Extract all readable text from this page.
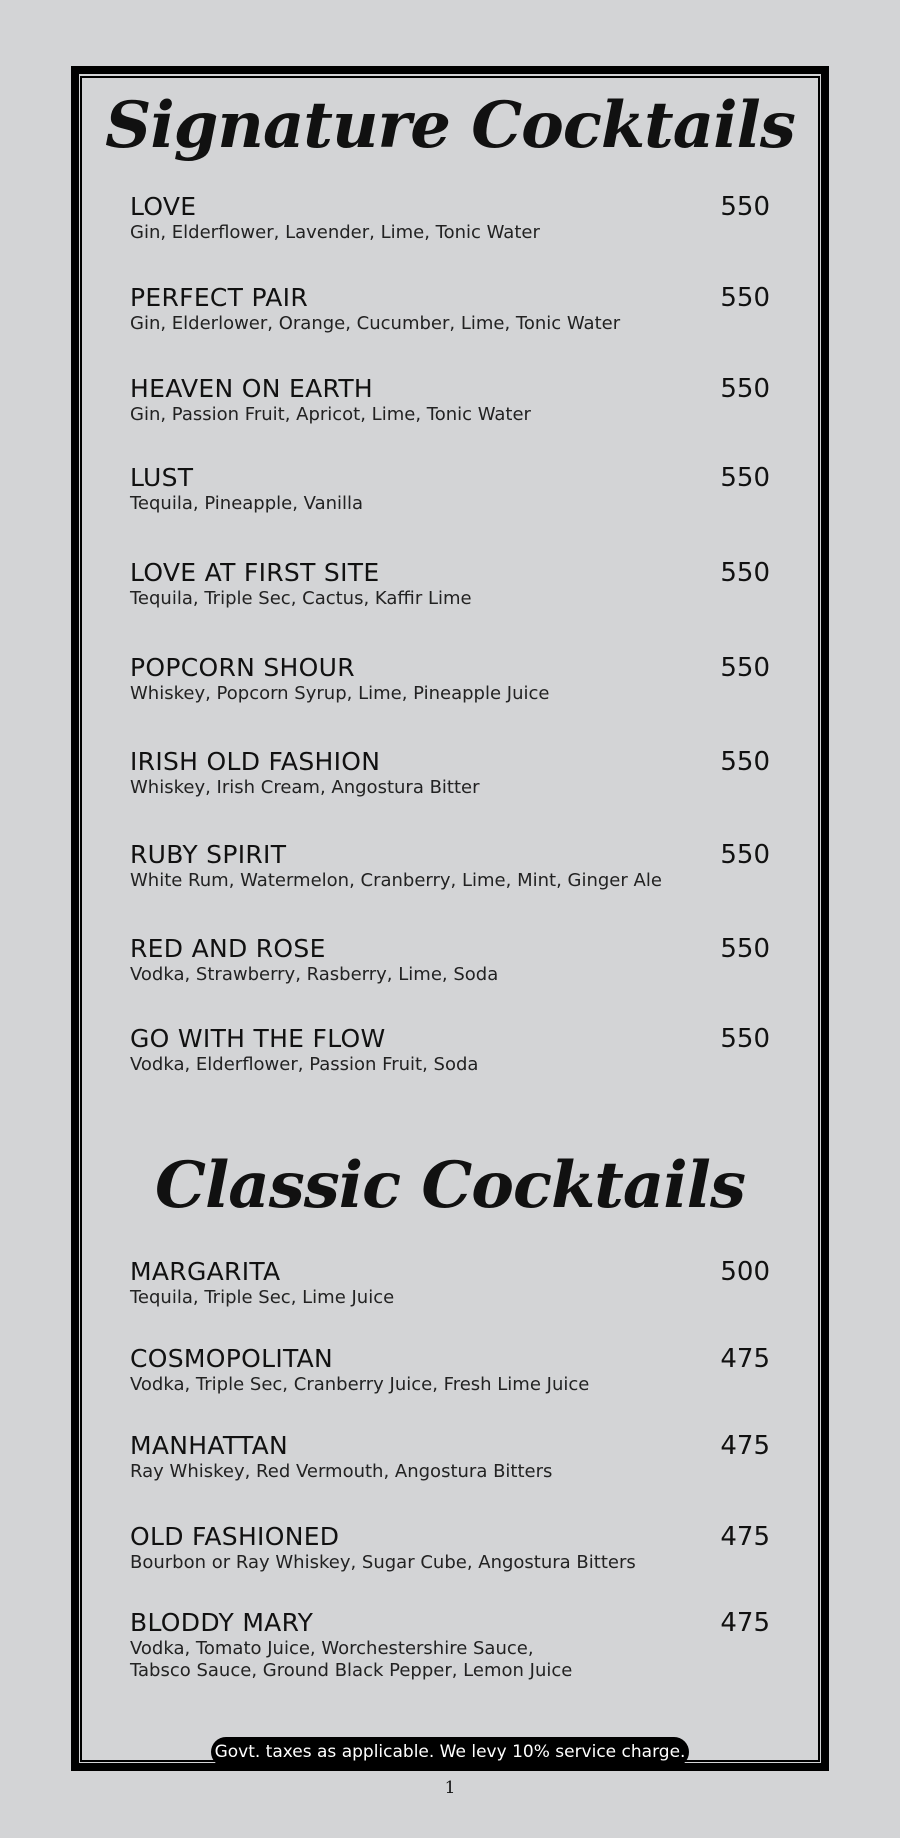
Signature Cocktails
LOVE
Gin, Elderflower, Lavender, Lime, Tonic Water
550
PERFECT PAIR
Gin, Elderlower, Orange, Cucumber, Lime, Tonic Water
550
HEAVEN ON EARTH
Gin, Passion Fruit, Apricot, Lime, Tonic Water
550
LUST
Tequila, Pineapple, Vanilla
550
LOVE AT FIRST SITE
Tequila, Triple Sec, Cactus, Kaffir Lime
550
POPCORN SHOUR
Whiskey, Popcorn Syrup, Lime, Pineapple Juice
550
IRISH OLD FASHION
Whiskey, Irish Cream, Angostura Bitter
550
RUBY SPIRIT
White Rum, Watermelon, Cranberry, Lime, Mint, Ginger Ale
550
RED AND ROSE
Vodka, Strawberry, Rasberry, Lime, Soda
550
GO WITH THE FLOW
Vodka, Elderflower, Passion Fruit, Soda
550
Classic Cocktails
MARGARITA
Tequila, Triple Sec, Lime Juice
500
COSMOPOLITAN
Vodka, Triple Sec, Cranberry Juice, Fresh Lime Juice
475
MANHATTAN
Ray Whiskey, Red Vermouth, Angostura Bitters
475
OLD FASHIONED
Bourbon or Ray Whiskey, Sugar Cube, Angostura Bitters
475
BLODDY MARY
Vodka, Tomato Juice, Worchestershire Sauce,
Tabsco Sauce, Ground Black Pepper, Lemon Juice
475
Govt. taxes as applicable. We levy 10% service charge.
1
